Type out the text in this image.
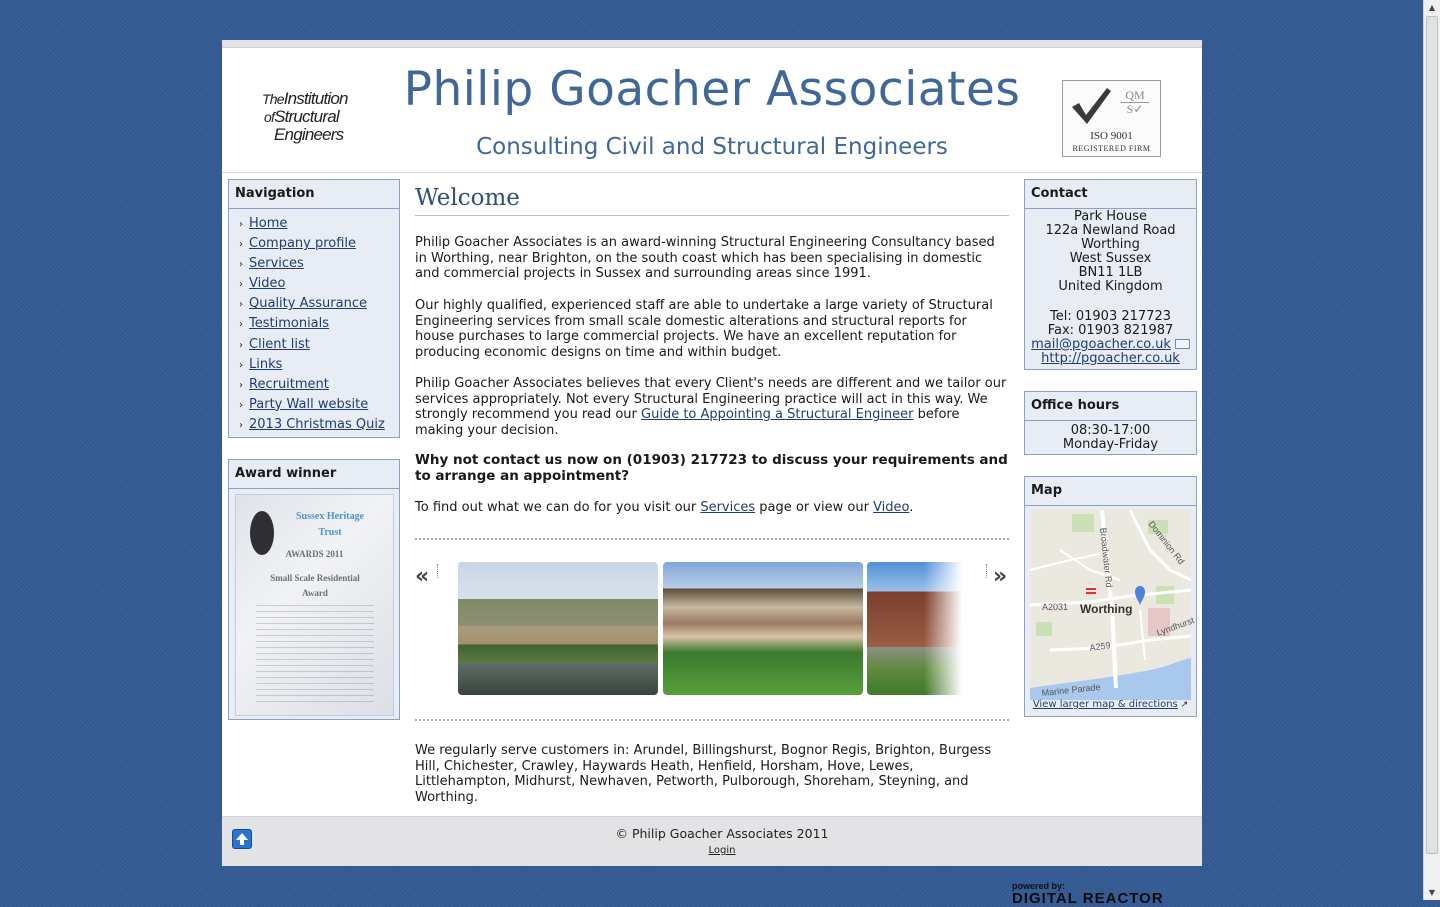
TheInstitution
ofStructural
Engineers
Philip Goacher Associates
Consulting Civil and Structural Engineers
QM
S✓
ISO 9001
REGISTERED FIRM
Navigation
› Home
› Company profile
› Services
› Video
› Quality Assurance
› Testimonials
› Client list
› Links
› Recruitment
› Party Wall website
› 2013 Christmas Quiz
Award winner
Sussex Heritage
Trust
AWARDS 2011
Small Scale Residential
Award
Welcome

Philip Goacher Associates is an award-winning Structural Engineering Consultancy based in Worthing, near Brighton, on the south coast which has been specialising in domestic and commercial projects in Sussex and surrounding areas since 1991.

Our highly qualified, experienced staff are able to undertake a large variety of Structural Engineering services from small scale domestic alterations and structural reports for house purchases to large commercial projects. We have an excellent reputation for producing economic designs on time and within budget.

Philip Goacher Associates believes that every Client's needs are different and we tailor our services appropriately. Not every Structural Engineering practice will act in this way. We strongly recommend you read our Guide to Appointing a Structural Engineer before making your decision.

Why not contact us now on (01903) 217723 to discuss your requirements and to arrange an appointment?

To find out what we can do for you visit our Services page or view our Video.

«	»

We regularly serve customers in: Arundel, Billingshurst, Bognor Regis, Brighton, Burgess Hill, Chichester, Crawley, Haywards Heath, Henfield, Horsham, Hove, Lewes, Littlehampton, Midhurst, Newhaven, Petworth, Pulborough, Shoreham, Steyning, and Worthing.

Contact
Park House
122a Newland Road
Worthing
West Sussex
BN11 1LB
United Kingdom
Tel: 01903 217723
Fax: 01903 821987
mail@pgoacher.co.uk
http://pgoacher.co.uk
Office hours
08:30-17:00
Monday-Friday
Map
Worthing
Broadwater Rd	Dominion Rd
A2031
A259
Lyndhurst
Marine Parade
View larger map & directions ↗
© Philip Goacher Associates 2011
Login
powered by:
DIGITAL REACTOR
▲
▼
